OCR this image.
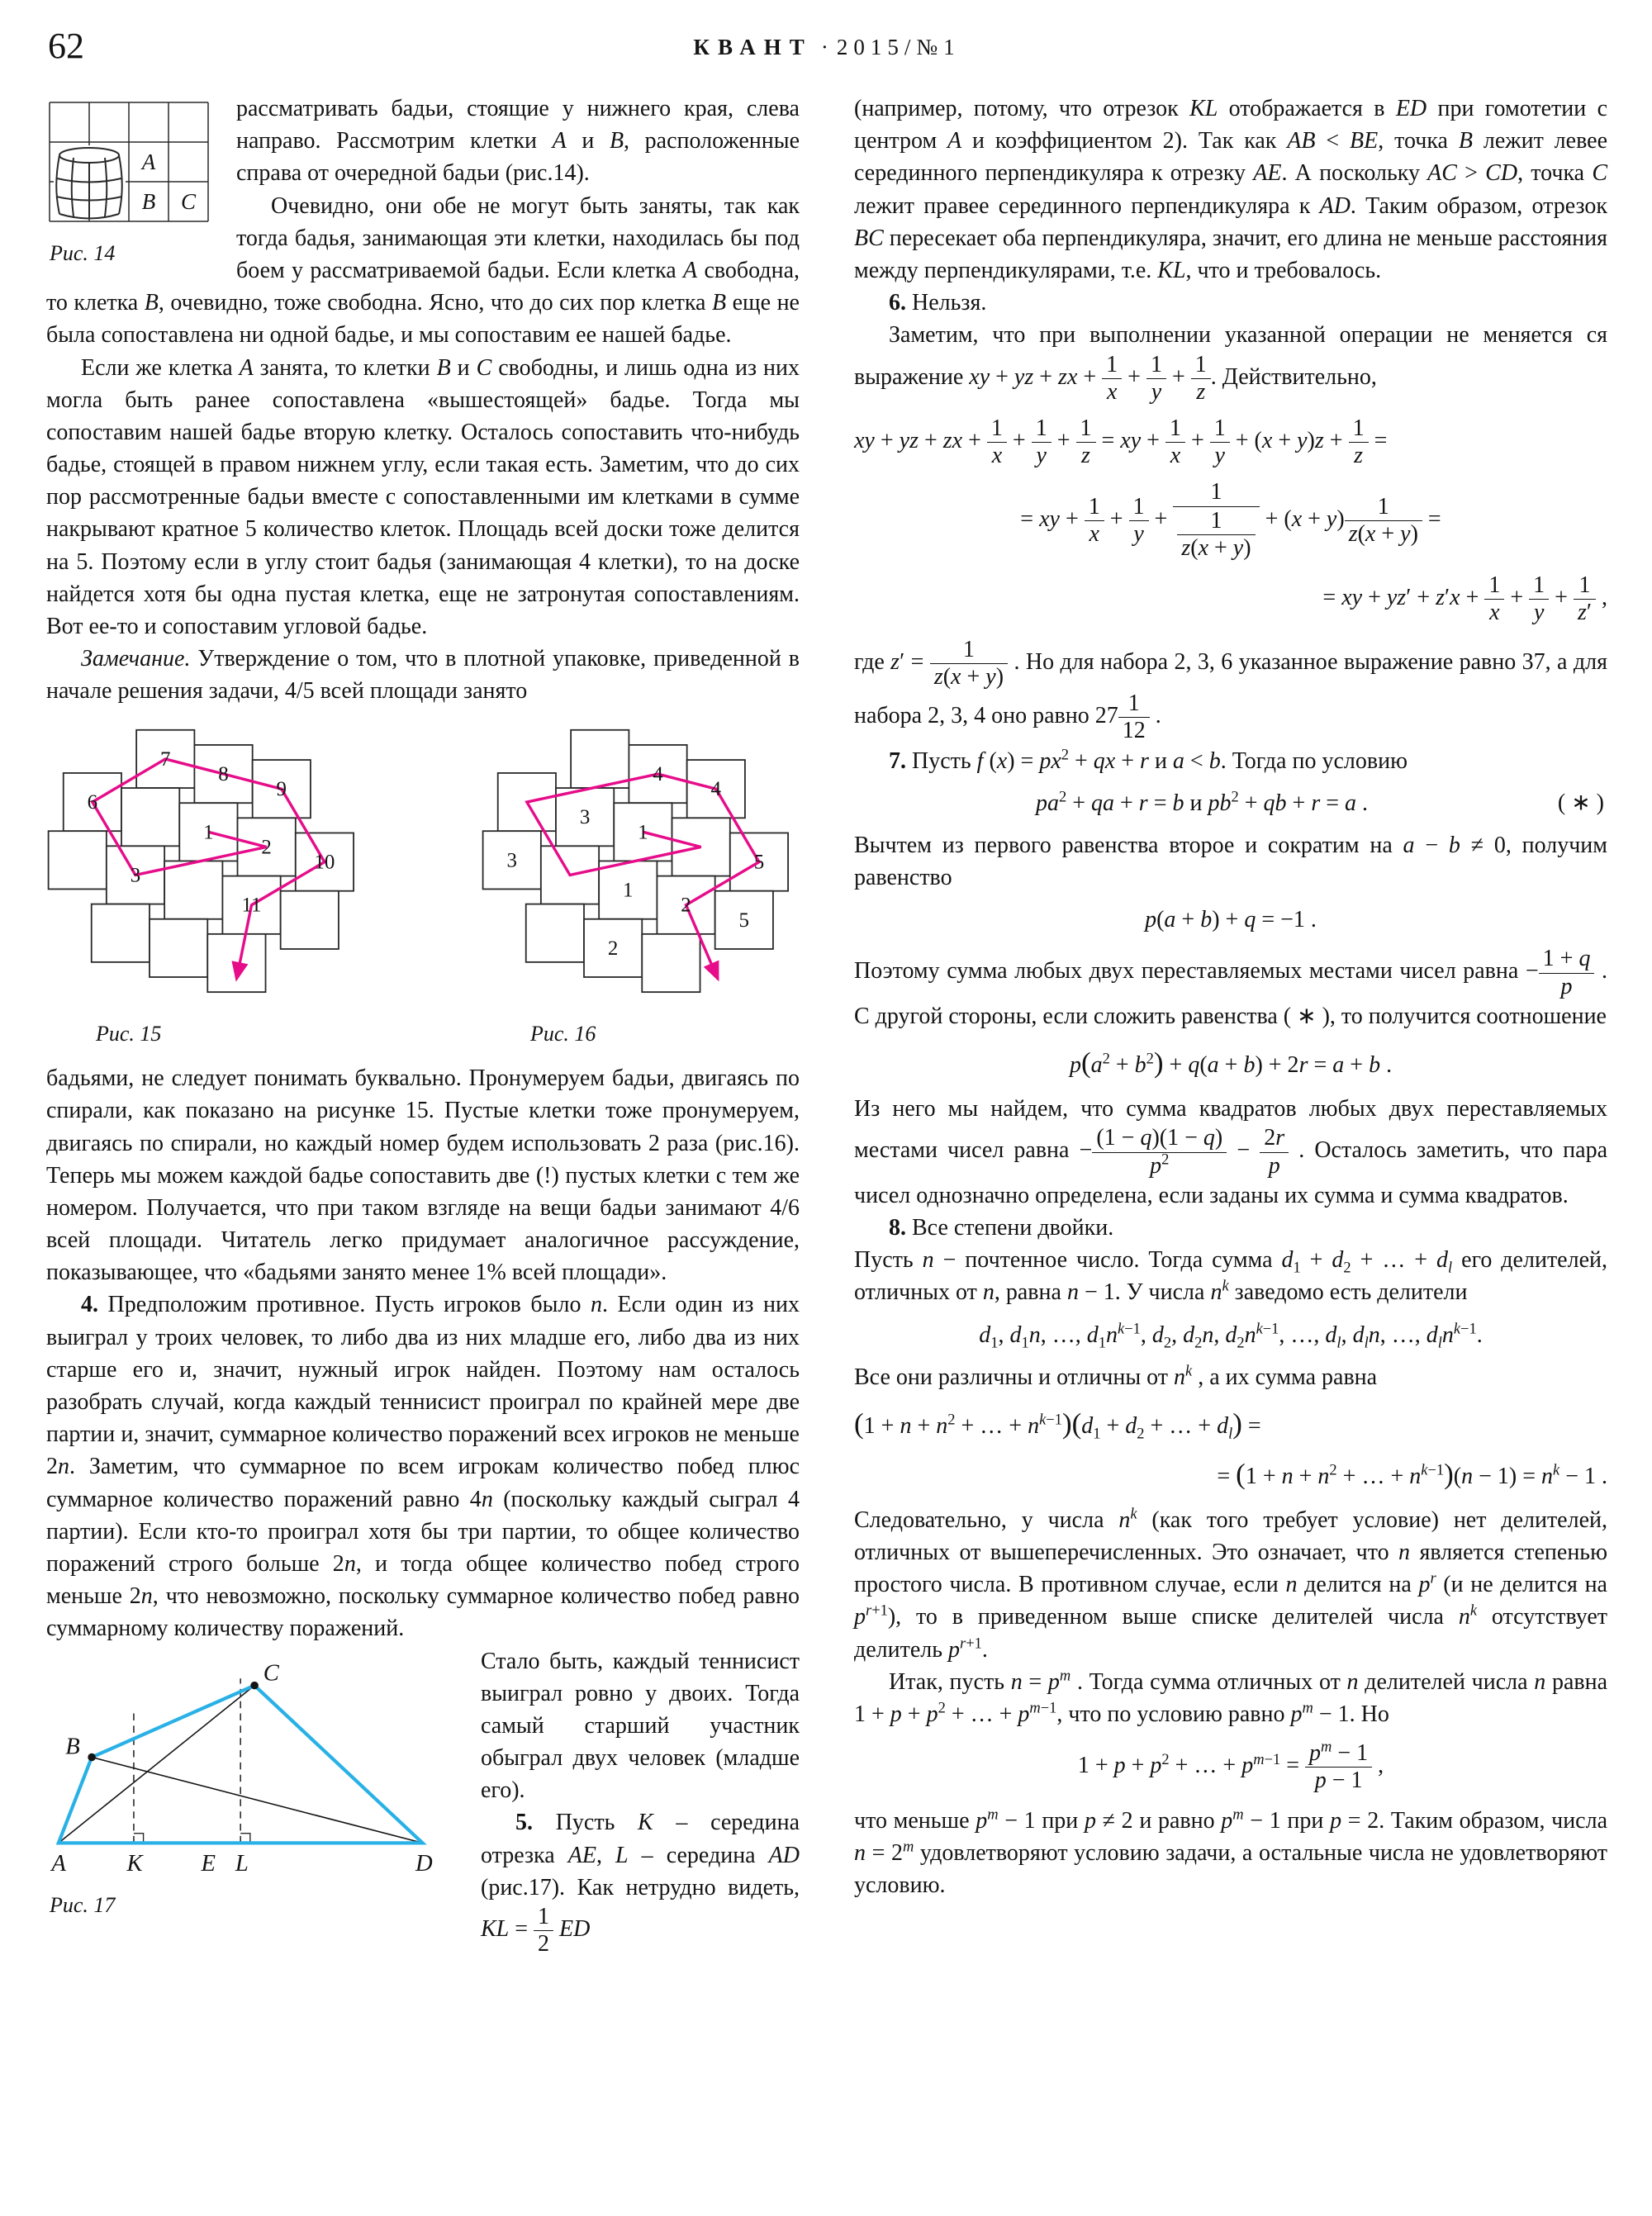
62	КВАНТ · 2015/№1
A
B C
Рис. 14

рассматривать бадьи, стоящие у нижнего края, слева направо. Рассмотрим клетки A и B, расположенные справа от очередной бадьи (рис.14).

Очевидно, они обе не могут быть заняты, так как тогда бадья, занимающая эти клетки, находилась бы под боем у рассматриваемой бадьи. Если клетка A свободна, то клетка B, очевидно, тоже свободна. Ясно, что до сих пор клетка B еще не была сопоставлена ни одной бадье, и мы сопоставим ее нашей бадье.

Если же клетка A занята, то клетки B и C свободны, и лишь одна из них могла быть ранее сопоставлена «вышестоящей» бадье. Тогда мы сопоставим нашей бадье вторую клетку. Осталось сопоставить что-нибудь бадье, стоящей в правом нижнем углу, если такая есть. Заметим, что до сих пор рассмотренные бадьи вместе с сопоставленными им клетками в сумме накрывают кратное 5 количество клеток. Площадь всей доски тоже делится на 5. Поэтому если в углу стоит бадья (занимающая 4 клетки), то на доске найдется хотя бы одна пустая клетка, еще не затронутая сопоставлениям. Вот ее-то и сопоставим угловой бадье.

Замечание. Утверждение о том, что в плотной упаковке, приведенной в начале решения задачи, 4/5 всей площади занято

7
8
9
6
1
2
10
3
11
Рис. 15
4
4
3
1
5
3
1
2
5
2
Рис. 16

бадьями, не следует понимать буквально. Пронумеруем бадьи, двигаясь по спирали, как показано на рисунке 15. Пустые клетки тоже пронумеруем, двигаясь по спирали, но каждый номер будем использовать 2 раза (рис.16). Теперь мы можем каждой бадье сопоставить две (!) пустых клетки с тем же номером. Получается, что при таком взгляде на вещи бадьи занимают 4/6 всей площади. Читатель легко придумает аналогичное рассуждение, показывающее, что «бадьями занято менее 1% всей площади».

4. Предположим противное. Пусть игроков было n. Если один из них выиграл у троих человек, то либо два из них младше его, либо два из них старше его и, значит, нужный игрок найден. Поэтому нам осталось разобрать случай, когда каждый теннисист проиграл по крайней мере две партии и, значит, суммарное количество поражений всех игроков не меньше 2n. Заметим, что суммарное по всем игрокам количество побед плюс суммарное количество поражений равно 4n (поскольку каждый сыграл 4 партии). Если кто-то проиграл хотя бы три партии, то общее количество поражений строго больше 2n, и тогда общее количество побед строго меньше 2n, что невозможно, поскольку суммарное количество побед равно суммарному количеству поражений.

A	K	E L	D
B
C
Рис. 17

Стало быть, каждый теннисист выиграл ровно у двоих. Тогда самый старший участник обыграл двух человек (младше его).

5. Пусть K – середина отрезка AE, L – середина AD (рис.17). Как нетрудно видеть, KL = $\frac{1}{2}$ ED

(например, потому, что отрезок KL отображается в ED при гомотетии с центром A и коэффициентом 2). Так как AB < BE, точка B лежит левее серединного перпендикуляра к отрезку AE. А поскольку AC > CD, точка C лежит правее серединного перпендикуляра к AD. Таким образом, отрезок BC пересекает оба перпендикуляра, значит, его длина не меньше расстояния между перпендикулярами, т.е. KL, что и требовалось.

6. Нельзя.

Заметим, что при выполнении указанной операции не меняется ся выражение xy + yz + zx + $\frac{1}{x} + \frac{1}{y} + \frac{1}{z}$ . Действительно,

xy + yz + zx + $\frac{1}{x} + \frac{1}{y} + \frac{1}{z}$ = xy + $\frac{1}{x} + \frac{1}{y} + (x + y)z + \frac{1}{z}$ =
= xy + $\frac{1}{x} + \frac{1}{y} + \frac{1}{\frac{1}{z(x + y)}} + (x + y) \frac{1}{z(x + y)}$ =
= xy + $yz' + z'x + \frac{1}{x} + \frac{1}{y} + \frac{1}{z'}$ ,

где $z' = \frac{1}{z(x + y)}$ . Но для набора 2, 3, 6 указанное выражение равно 37, а для набора 2, 3, 4 оно равно $27 \frac{1}{12}$ .

7. Пусть f $(x) = px^2$ + qx + r и a < b. Тогда по условию

$pa^2$ + qa + r = b и $pb^2$ + qb + r = a .	( ∗ )

Вычтем из первого равенства второе и сократим на a − b ≠ 0, получим равенство

p(a + b) + q = −1 .

Поэтому сумма любых двух переставляемых местами чисел равна − $\frac{1 + q}{p}$ . С другой стороны, если сложить равенства ( ∗ ), то получится соотношение

$p(a^2 + b^2) + q(a + b) + 2r = a + b$ .

Из него мы найдем, что сумма квадратов любых двух переставляемых местами чисел равна − $\frac{(1 - q)(1 - q)}{p^2} - \frac{2r}{p}$ . Осталось заметить, что пара чисел однозначно определена, если заданы их сумма и сумма квадратов.

8. Все степени двойки.

Пусть n − почтенное число. Тогда сумма $d_1 + d_2$ + … + $d_l$ его делителей, отличных от n, равна n − 1. У числа $n^k$ заведомо есть делители

$d_1$, $d_1n$, …, $d_1n^{k-1}$, $d_2$, $d_2n$, $d_2n^{k-1}$, …, $d_l$, $d_ln$, …, $d_ln^{k-1}$.

Все они различны и отличны от $n^k$ , а их сумма равна

($1 + n + n^2$ + … + $n^{k-1})(d_1 + d_2$ + … + $d_l$) =
= ($1 + n + n^2$ + … + $n^{k-1})(n - 1) = n^k - 1$ .

Следовательно, у числа $n^k$ (как того требует условие) нет делителей, отличных от вышеперечисленных. Это означает, что n является степенью простого числа. В противном случае, если n делится на $p^r$ (и не делится на $p^{r+1}$), то в приведенном выше списке делителей числа $n^k$ отсутствует делитель $p^{r+1}$.

Итак, пусть $n = p^m$ . Тогда сумма отличных от n делителей числа n равна $1 + p + p^2$ + … + $p^{m-1}$, что по условию равно $p^m - 1$. Но

$1 + p + p^2$ + … + $p^{m-1} = \frac{p^m - 1}{p - 1}$ ,

что меньше $p^m - 1$ при p ≠ 2 и равно $p^m - 1$ при p = 2. Таким образом, числа $n = 2^m$ удовлетворяют условию задачи, а остальные числа не удовлетворяют условию.
